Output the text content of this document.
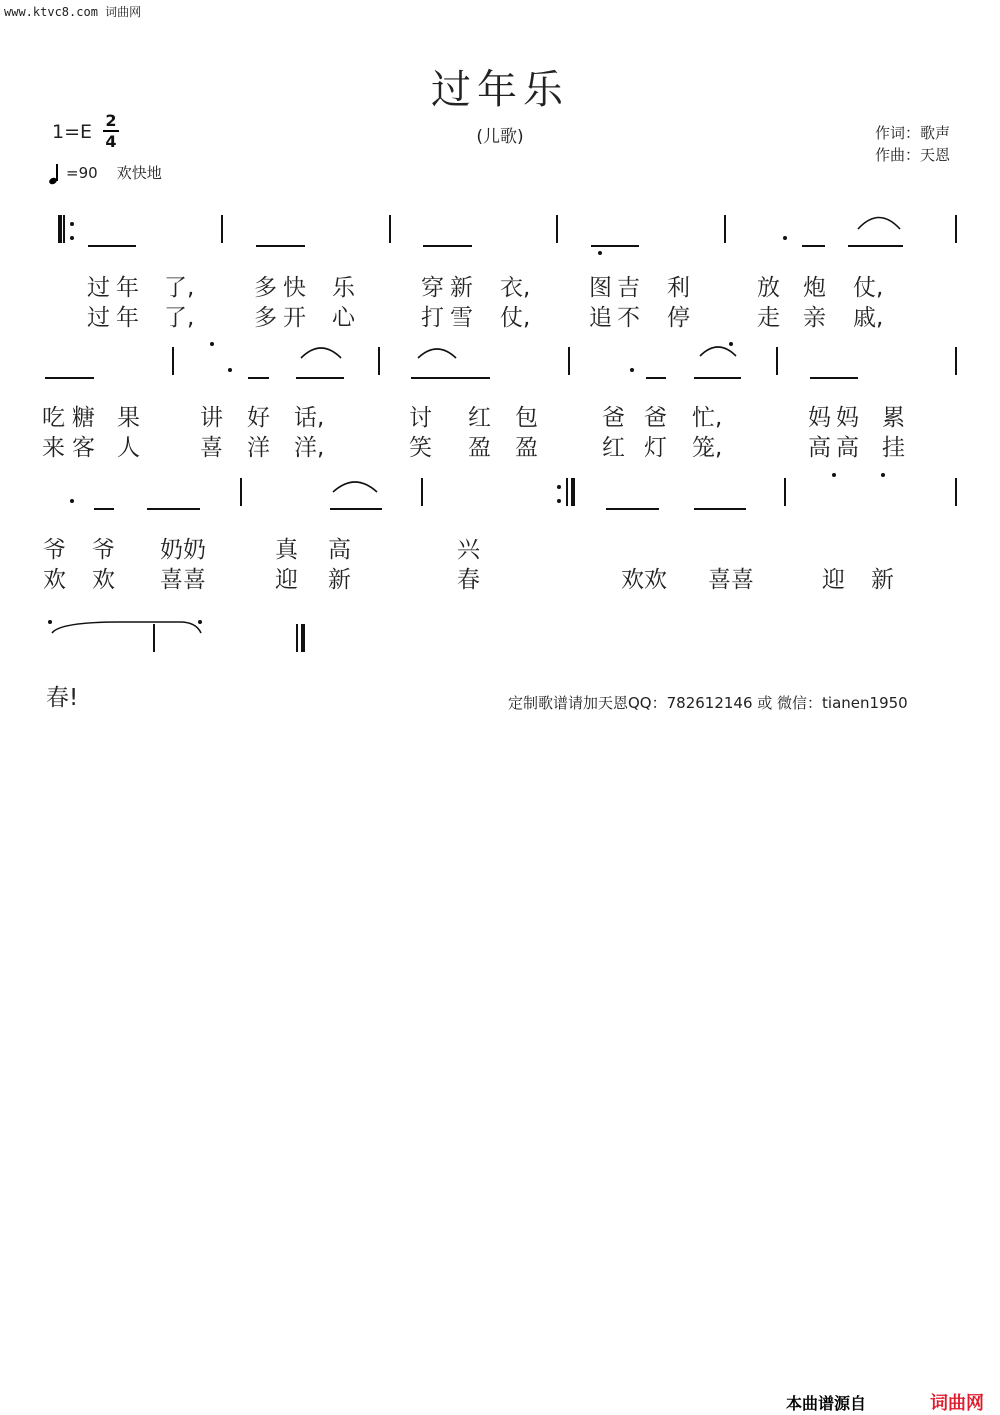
www.ktvc8.com 词曲网
过年乐
(儿歌)	作词：歌声
作曲：天恩
1=E
2
4
=90 欢快地
过 年 了,	多 快 乐	穿 新 衣,	图 吉 利	放 炮 仗,
过 年 了,	多 开 心	打 雪 仗,	追 不 停	走 亲 戚,
吃 糖 果	讲 好 话,	讨 红 包	爸 爸 忙,	妈 妈 累
来 客 人	喜 洋 洋,	笑 盈 盈	红 灯 笼,	高 高 挂
爷 爷 奶奶	真 高	兴
欢 欢 喜喜	迎 新	春	欢欢 喜喜	迎 新
春!	定制歌谱请加天恩QQ：782612146 或 微信：tianen1950
本曲谱源自	词曲网
